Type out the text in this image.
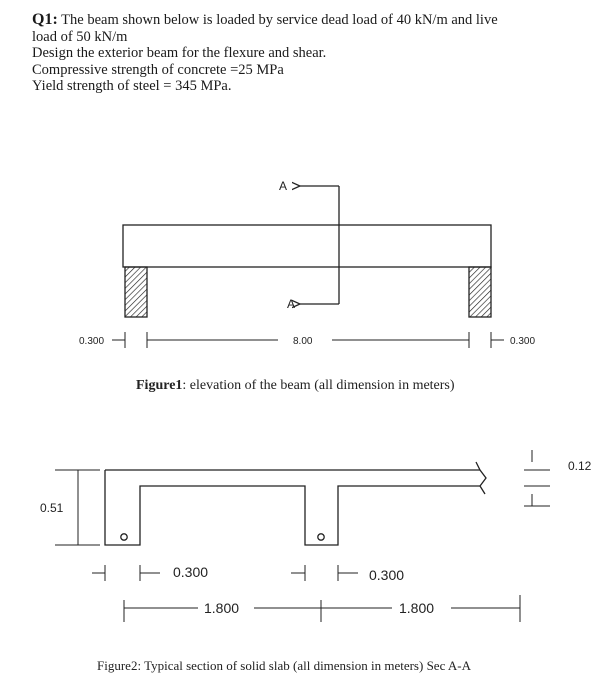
Q1: The beam shown below is loaded by service dead load of 40 kN/m and live
load of 50 kN/m
Design the exterior beam for the flexure and shear.
Compressive strength of concrete =25 MPa
Yield strength of steel = 345 MPa.
A
A
0.300	8.00	0.300
Figure1: elevation of the beam (all dimension in meters)
0.12
0.51
0.300	0.300
1.800	1.800
Figure2: Typical section of solid slab (all dimension in meters) Sec A-A
